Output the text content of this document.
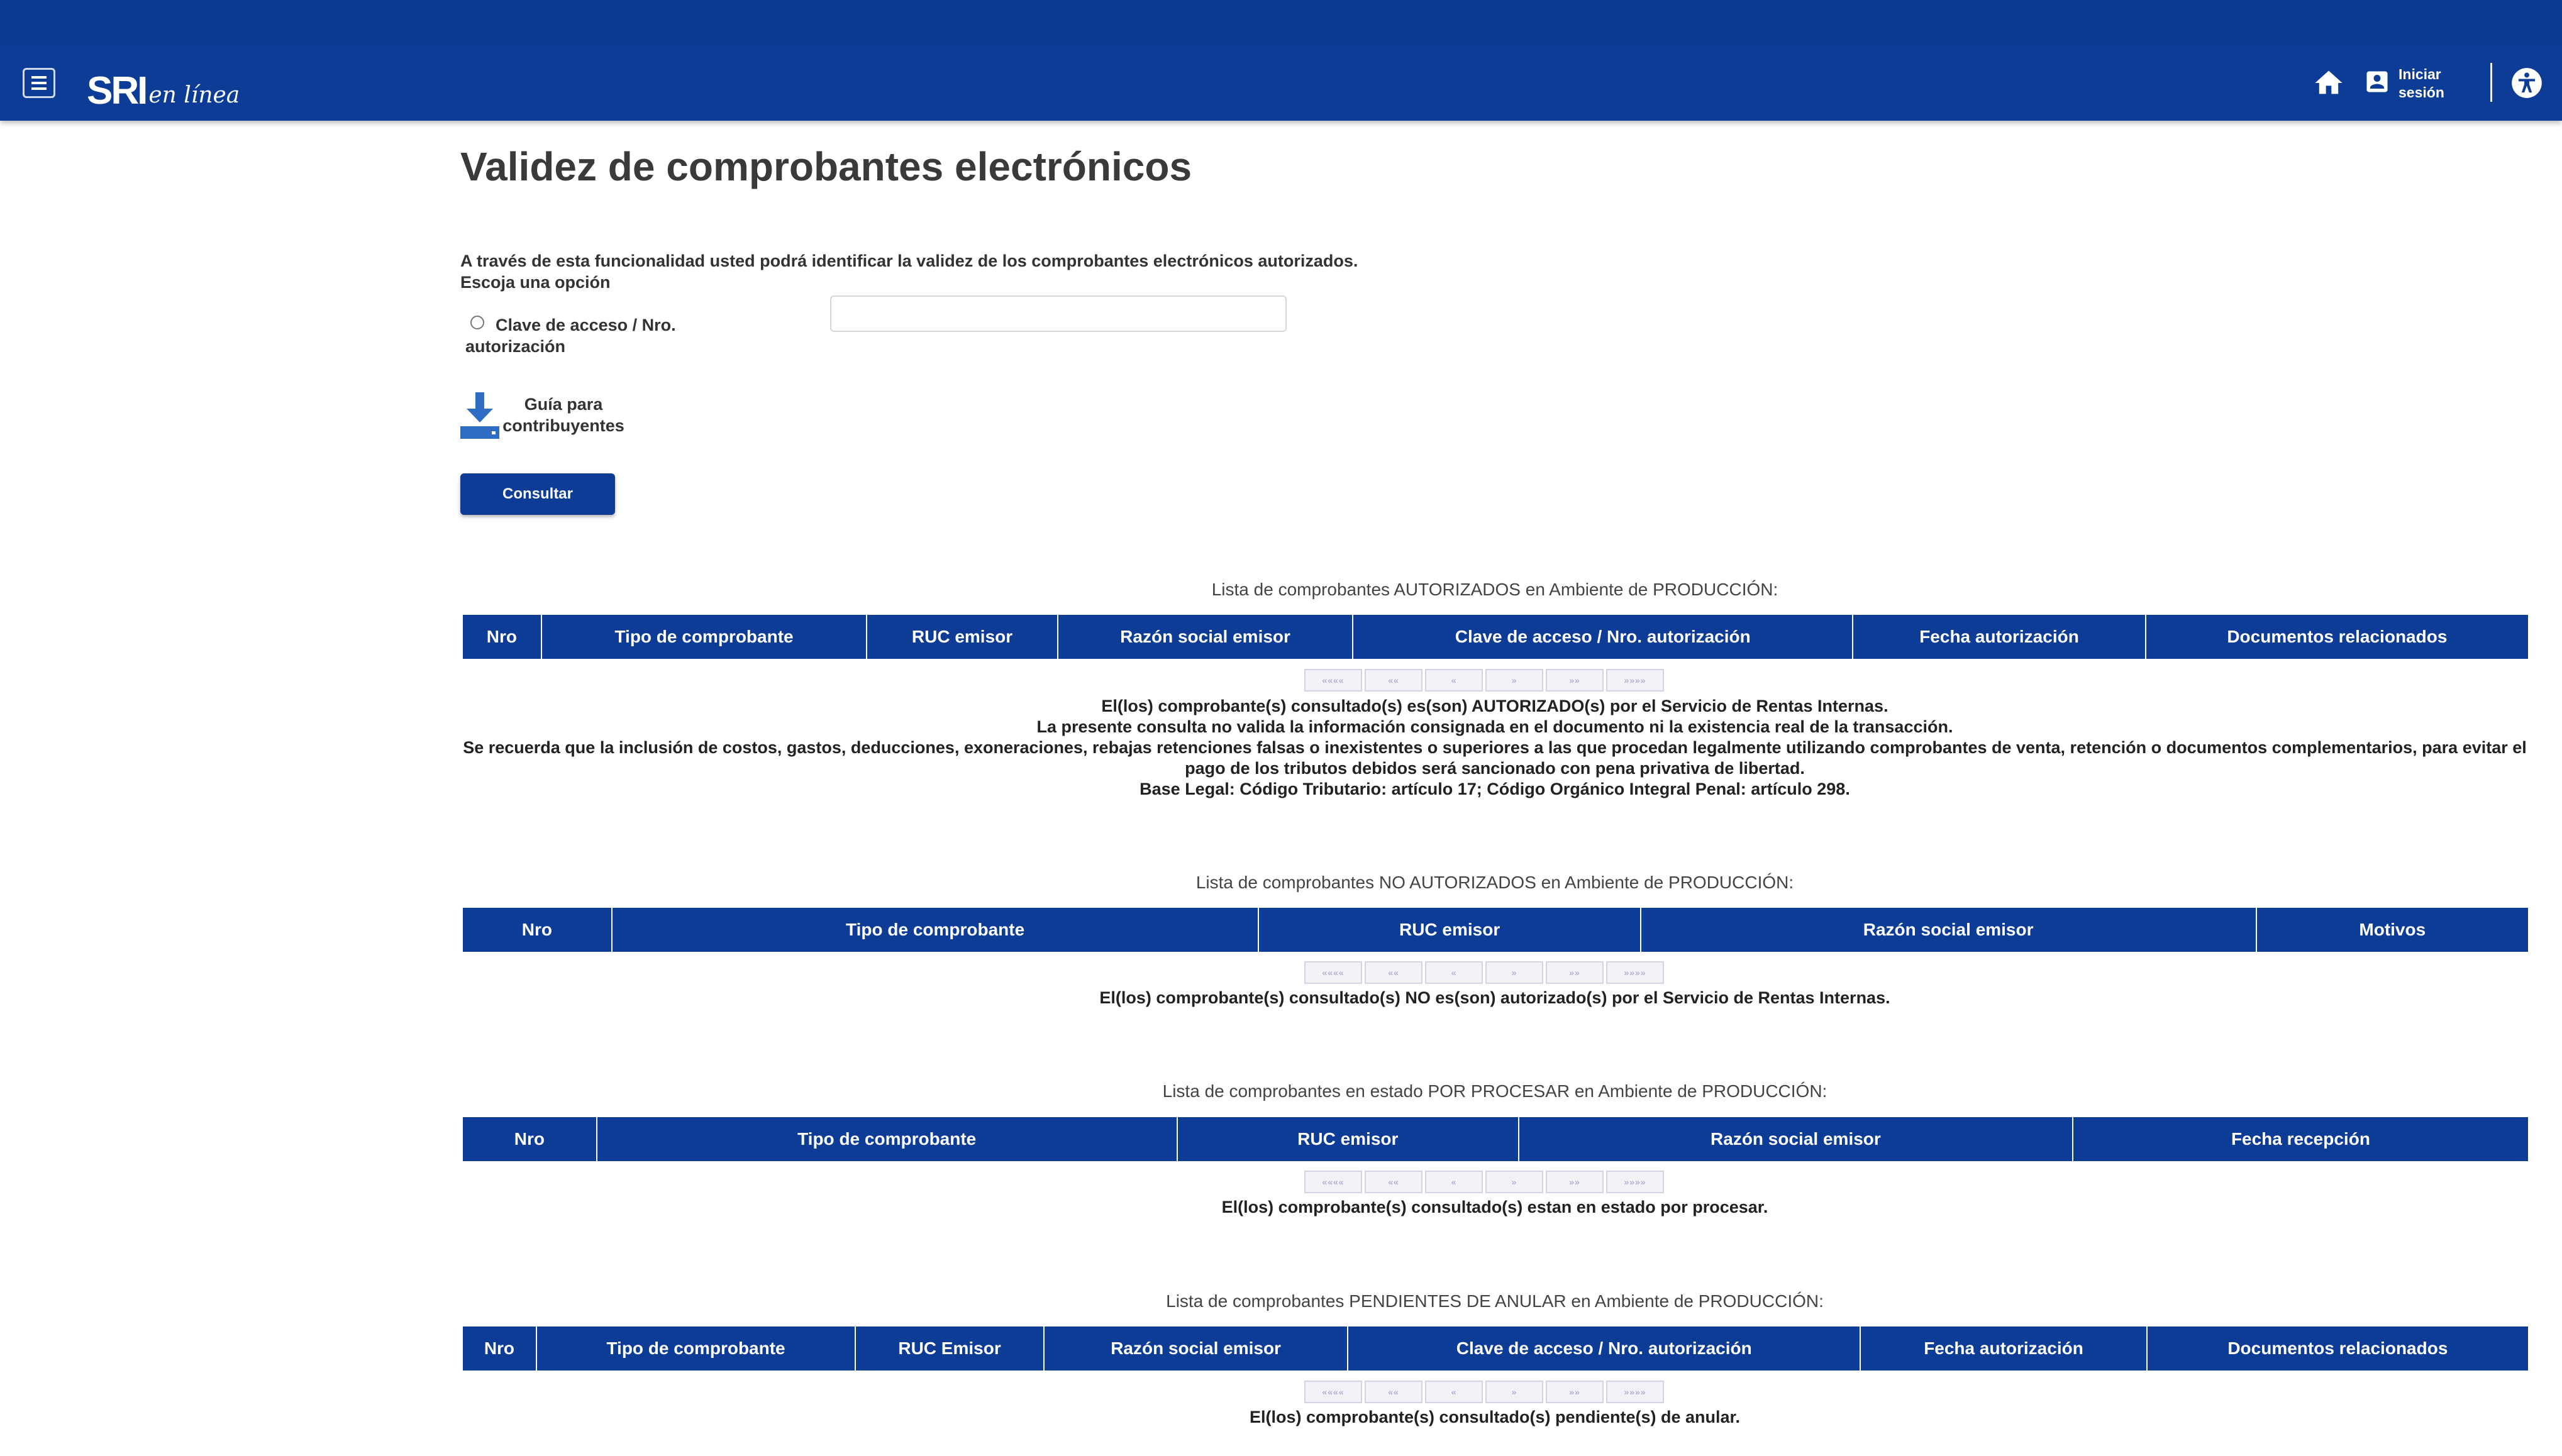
SRI en línea
Iniciar
sesión
Validez de comprobantes electrónicos
A través de esta funcionalidad usted podrá identificar la validez de los comprobantes electrónicos autorizados.
Escoja una opción
Clave de acceso / Nro. autorización
Guía para
contribuyentes
Consultar
Lista de comprobantes AUTORIZADOS en Ambiente de PRODUCCIÓN:
Nro	Tipo de comprobante	RUC emisor	Razón social emisor	Clave de acceso / Nro. autorización	Fecha autorización	Documentos relacionados
««««	««	«	»	»»	»»»»
El(los) comprobante(s) consultado(s) es(son) AUTORIZADO(s) por el Servicio de Rentas Internas.
La presente consulta no valida la información consignada en el documento ni la existencia real de la transacción.
Se recuerda que la inclusión de costos, gastos, deducciones, exoneraciones, rebajas retenciones falsas o inexistentes o superiores a las que procedan legalmente utilizando comprobantes de venta, retención o documentos complementarios, para evitar el
pago de los tributos debidos será sancionado con pena privativa de libertad.
Base Legal: Código Tributario: artículo 17; Código Orgánico Integral Penal: artículo 298.
Lista de comprobantes NO AUTORIZADOS en Ambiente de PRODUCCIÓN:
Nro	Tipo de comprobante	RUC emisor	Razón social emisor	Motivos
««««	««	«	»	»»	»»»»
El(los) comprobante(s) consultado(s) NO es(son) autorizado(s) por el Servicio de Rentas Internas.
Lista de comprobantes en estado POR PROCESAR en Ambiente de PRODUCCIÓN:
Nro	Tipo de comprobante	RUC emisor	Razón social emisor	Fecha recepción
««««	««	«	»	»»	»»»»
El(los) comprobante(s) consultado(s) estan en estado por procesar.
Lista de comprobantes PENDIENTES DE ANULAR en Ambiente de PRODUCCIÓN:
Nro	Tipo de comprobante	RUC Emisor	Razón social emisor	Clave de acceso / Nro. autorización	Fecha autorización	Documentos relacionados
««««	««	«	»	»»	»»»»
El(los) comprobante(s) consultado(s) pendiente(s) de anular.
